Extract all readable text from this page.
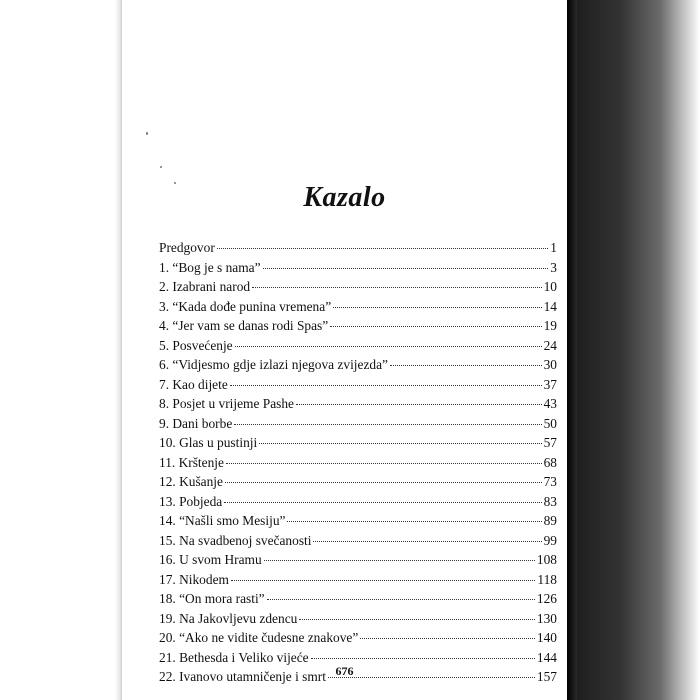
Kazalo
Predgovor	1
1. “Bog je s nama”	3
2. Izabrani narod	10
3. “Kada dođe punina vremena”	14
4. “Jer vam se danas rodi Spas”	19
5. Posvećenje	24
6. “Vidjesmo gdje izlazi njegova zvijezda”	30
7. Kao dijete	37
8. Posjet u vrijeme Pashe	43
9. Dani borbe	50
10. Glas u pustinji	57
11. Krštenje	68
12. Kušanje	73
13. Pobjeda	83
14. “Našli smo Mesiju”	89
15. Na svadbenoj svečanosti	99
16. U svom Hramu	108
17. Nikodem	118
18. “On mora rasti”	126
19. Na Jakovljevu zdencu	130
20. “Ako ne vidite čudesne znakove”	140
21. Bethesda i Veliko vijeće	144
22. Ivanovo utamničenje i smrt	157
676
